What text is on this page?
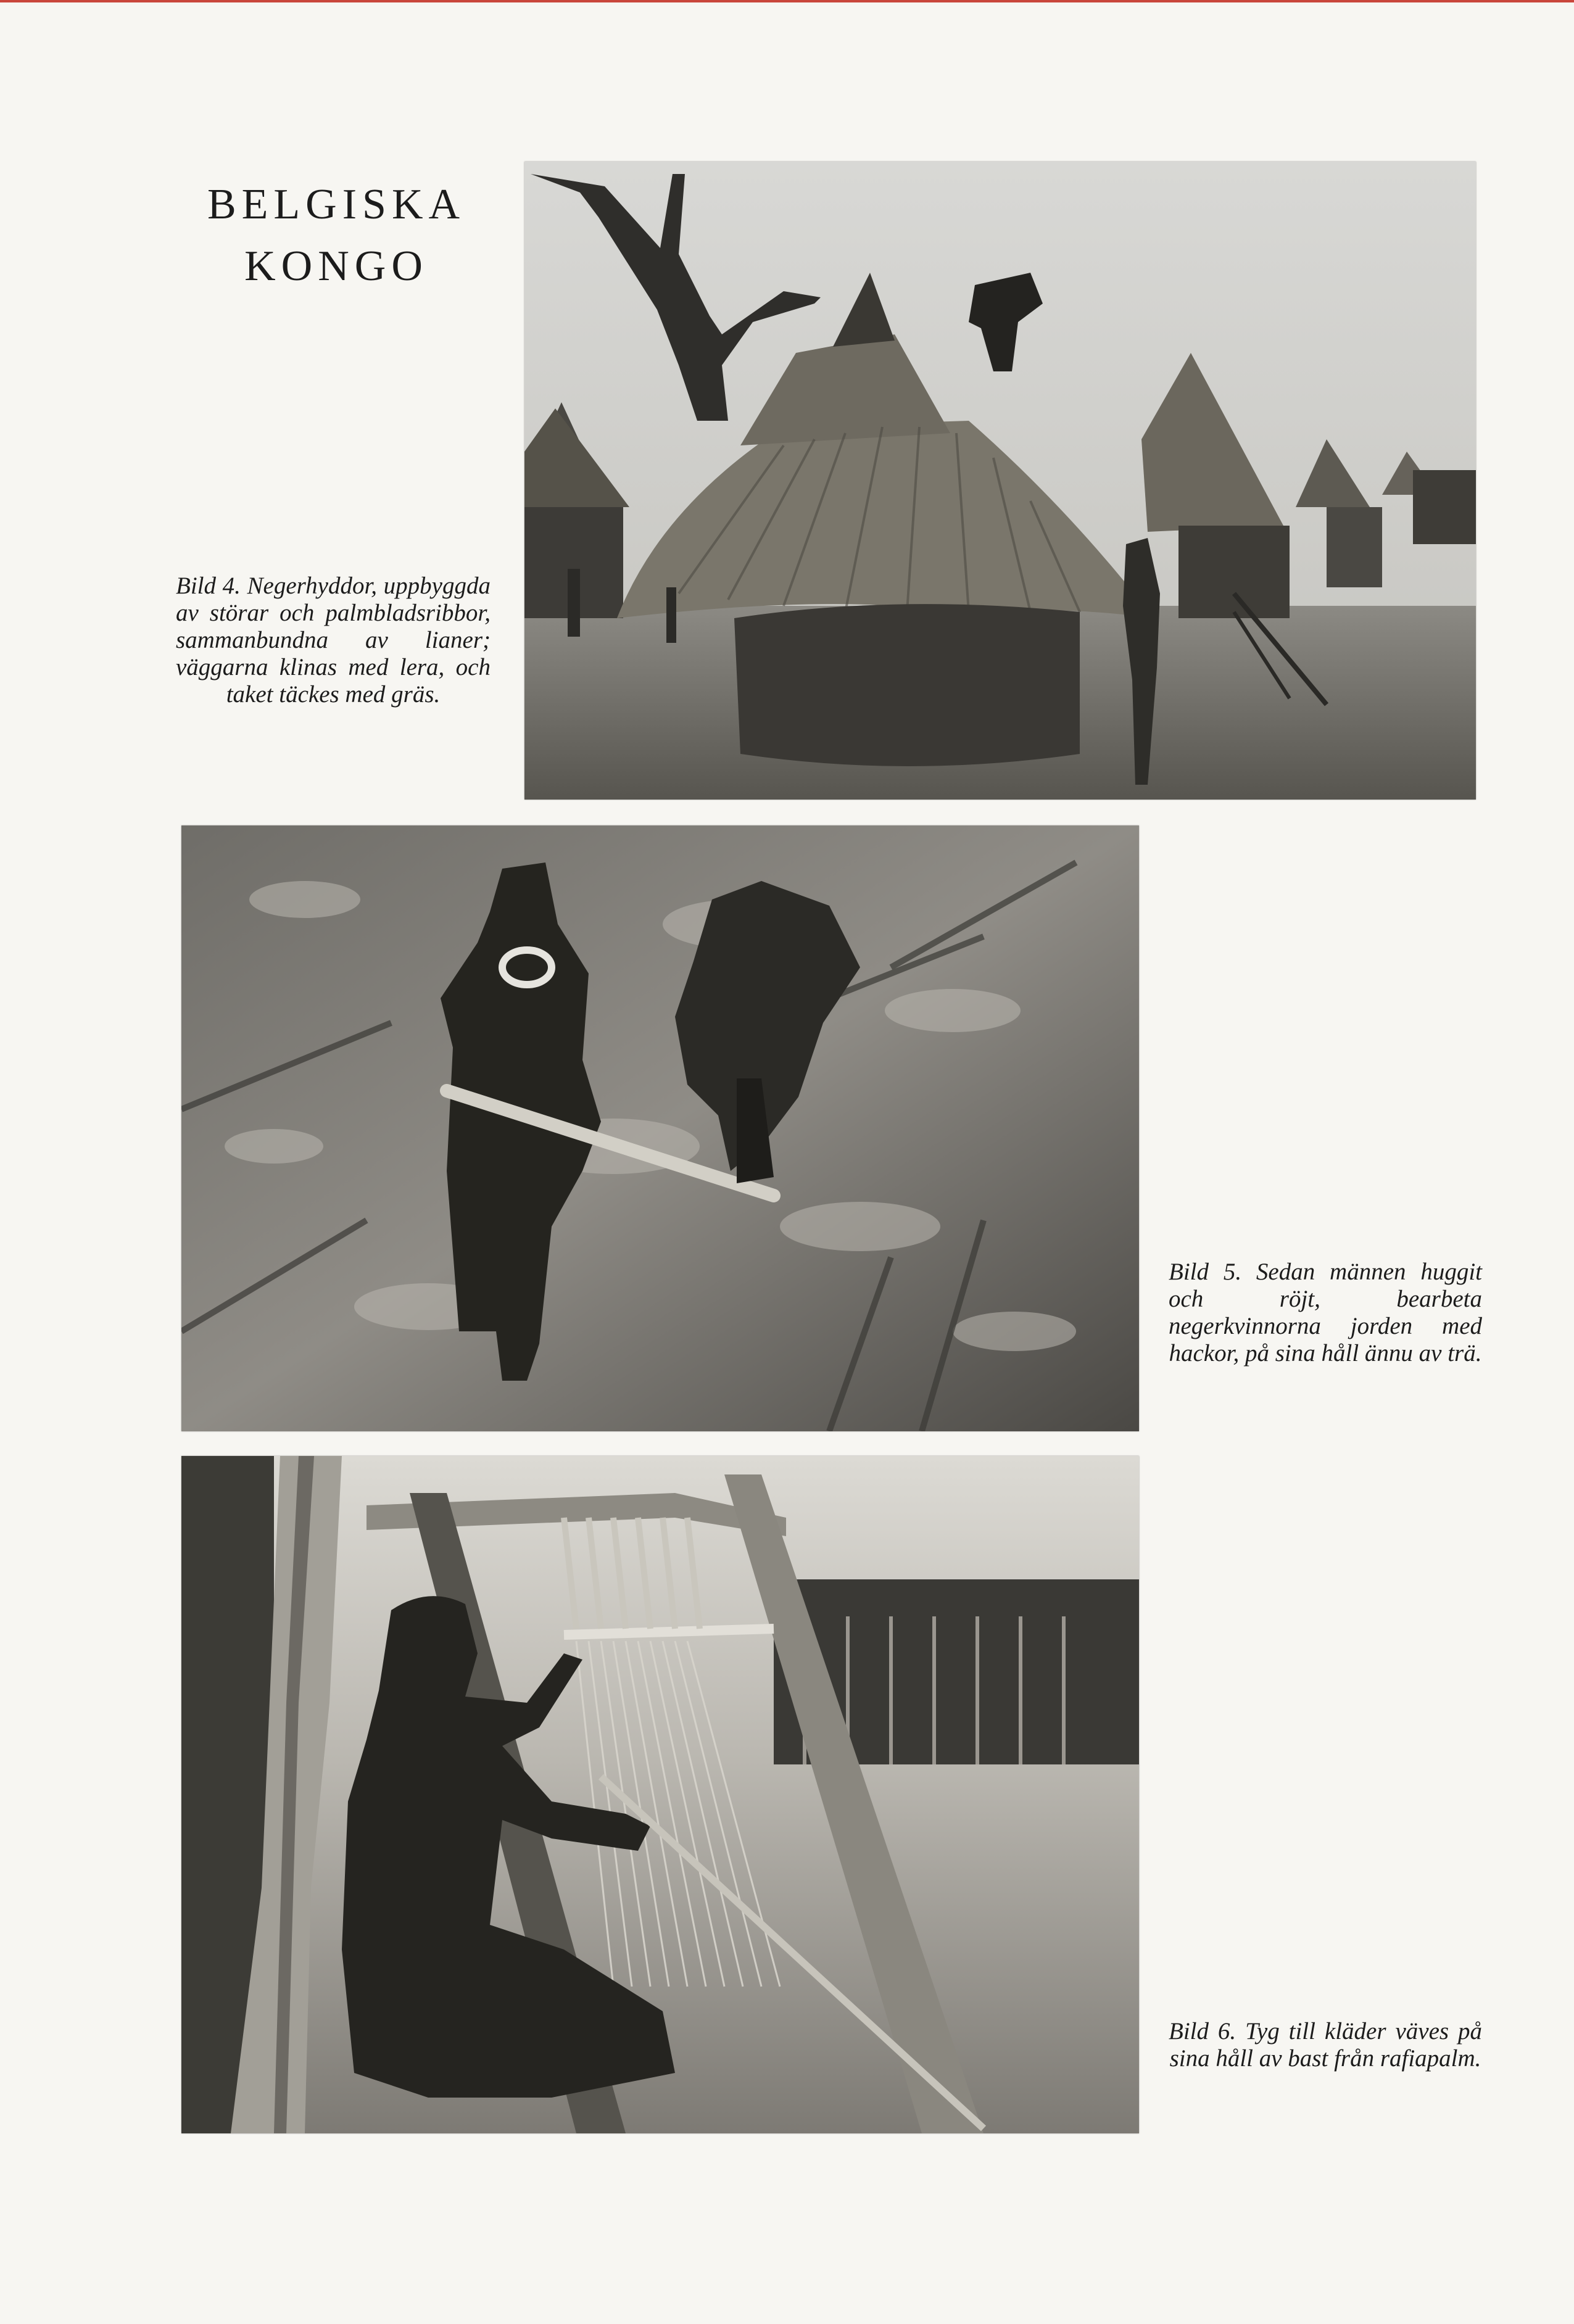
BELGISKA
KONGO
Bild 4. Negerhyddor, uppbyggda av störar och palmbladsribbor, sammanbundna av lianer; väggarna klinas med lera, och taket täckes med gräs.
Bild 5. Sedan männen huggit och röjt, bearbeta negerkvinnorna jorden med hackor, på sina håll ännu av trä.
Bild 6. Tyg till kläder väves på sina håll av bast från rafiapalm.
